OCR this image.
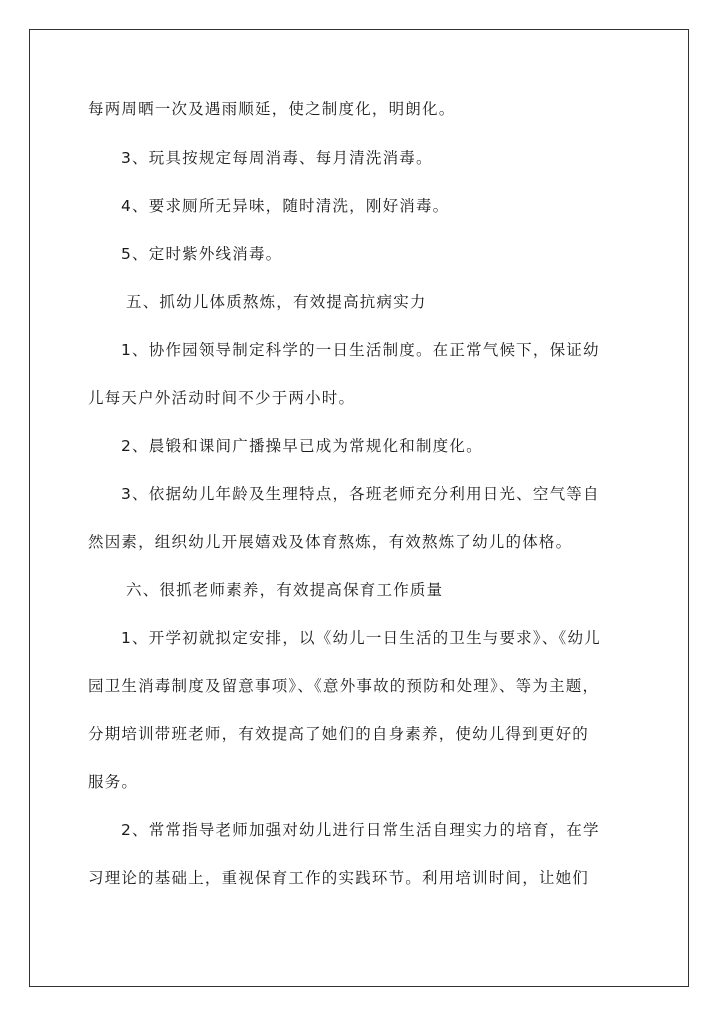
每两周晒一次及遇雨顺延，使之制度化，明朗化。
3、玩具按规定每周消毒、每月清洗消毒。
4、要求厕所无异味，随时清洗，刚好消毒。
5、定时紫外线消毒。
五、抓幼儿体质熬炼，有效提高抗病实力
1、协作园领导制定科学的一日生活制度。在正常气候下，保证幼
儿每天户外活动时间不少于两小时。
2、晨锻和课间广播操早已成为常规化和制度化。
3、依据幼儿年龄及生理特点，各班老师充分利用日光、空气等自
然因素，组织幼儿开展嬉戏及体育熬炼，有效熬炼了幼儿的体格。
六、很抓老师素养，有效提高保育工作质量
1、开学初就拟定安排，以《幼儿一日生活的卫生与要求》、《幼儿
园卫生消毒制度及留意事项》、《意外事故的预防和处理》、等为主题，
分期培训带班老师，有效提高了她们的自身素养，使幼儿得到更好的
服务。
2、常常指导老师加强对幼儿进行日常生活自理实力的培育，在学
习理论的基础上，重视保育工作的实践环节。利用培训时间，让她们
